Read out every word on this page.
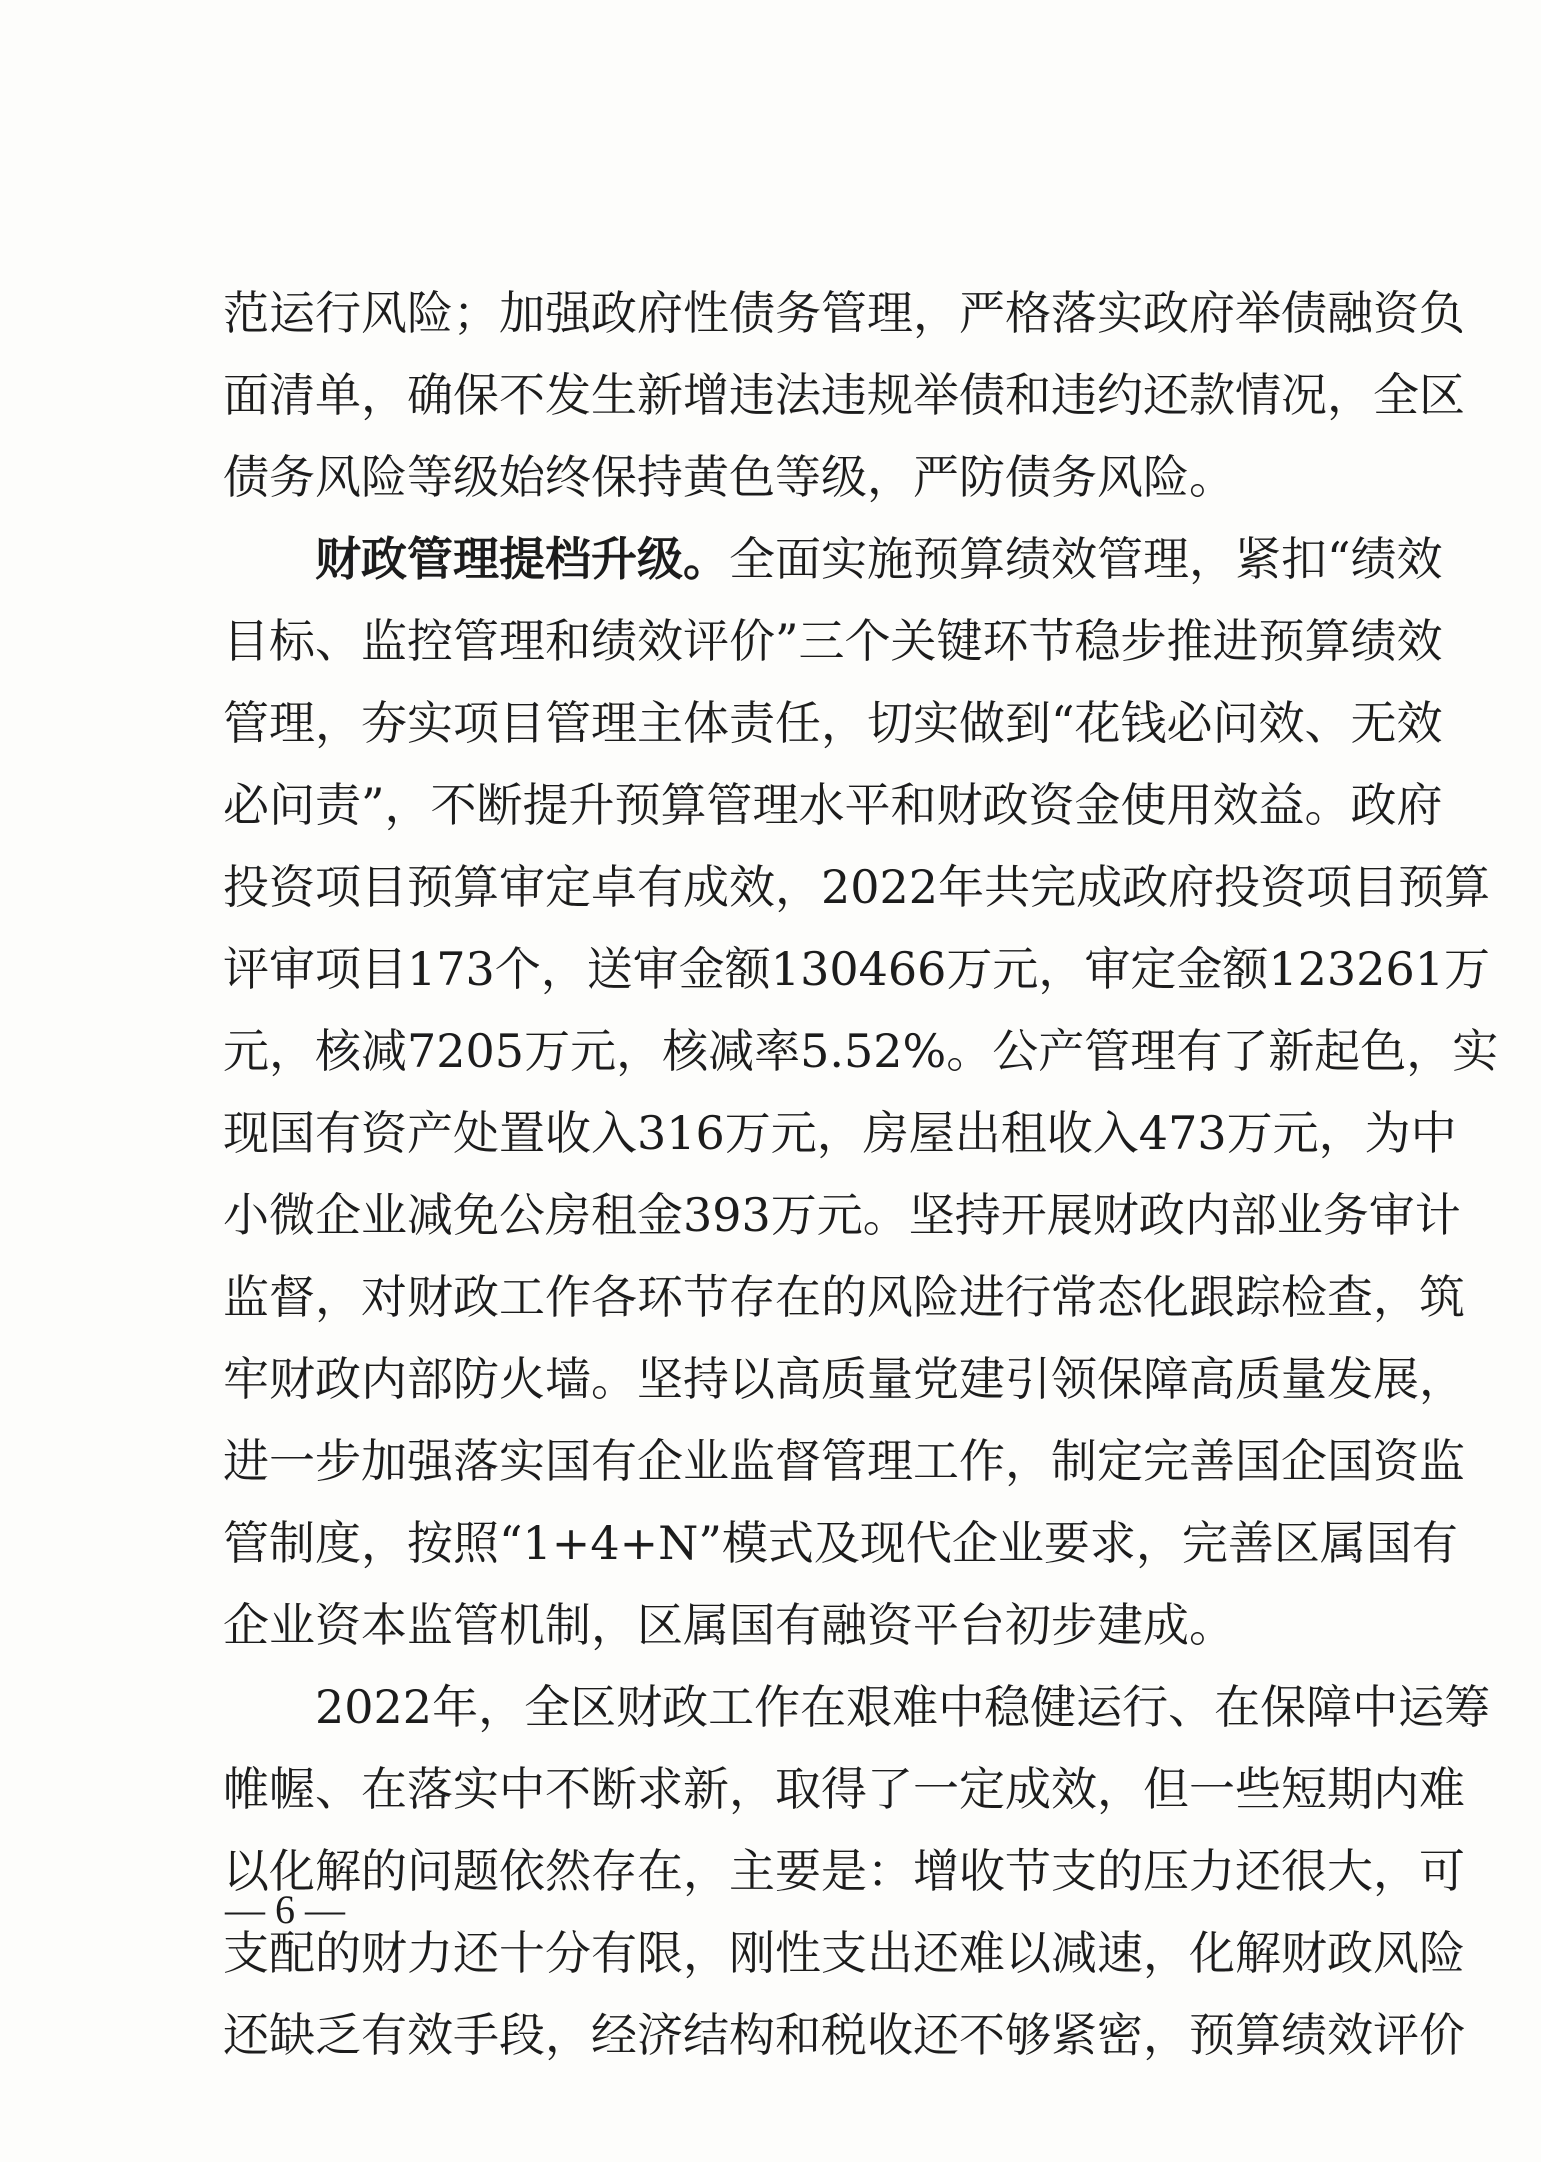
范运行风险；加强政府性债务管理，严格落实政府举债融资负
面清单，确保不发生新增违法违规举债和违约还款情况，全区
债务风险等级始终保持黄色等级，严防债务风险。
财政管理提档升级。全面实施预算绩效管理，紧扣“绩效
目标、监控管理和绩效评价”三个关键环节稳步推进预算绩效
管理，夯实项目管理主体责任，切实做到“花钱必问效、无效
必问责”，不断提升预算管理水平和财政资金使用效益。政府
投资项目预算审定卓有成效，2022年共完成政府投资项目预算
评审项目173个，送审金额130466万元，审定金额123261万
元，核减7205万元，核减率5.52%。公产管理有了新起色，实
现国有资产处置收入316万元，房屋出租收入473万元，为中
小微企业减免公房租金393万元。坚持开展财政内部业务审计
监督，对财政工作各环节存在的风险进行常态化跟踪检查，筑
牢财政内部防火墙。坚持以高质量党建引领保障高质量发展，
进一步加强落实国有企业监督管理工作，制定完善国企国资监
管制度，按照“1+4+N”模式及现代企业要求，完善区属国有
企业资本监管机制，区属国有融资平台初步建成。
2022年，全区财政工作在艰难中稳健运行、在保障中运筹
帷幄、在落实中不断求新，取得了一定成效，但一些短期内难
以化解的问题依然存在，主要是：增收节支的压力还很大，可
支配的财力还十分有限，刚性支出还难以减速，化解财政风险
还缺乏有效手段，经济结构和税收还不够紧密，预算绩效评价
— 6 —
